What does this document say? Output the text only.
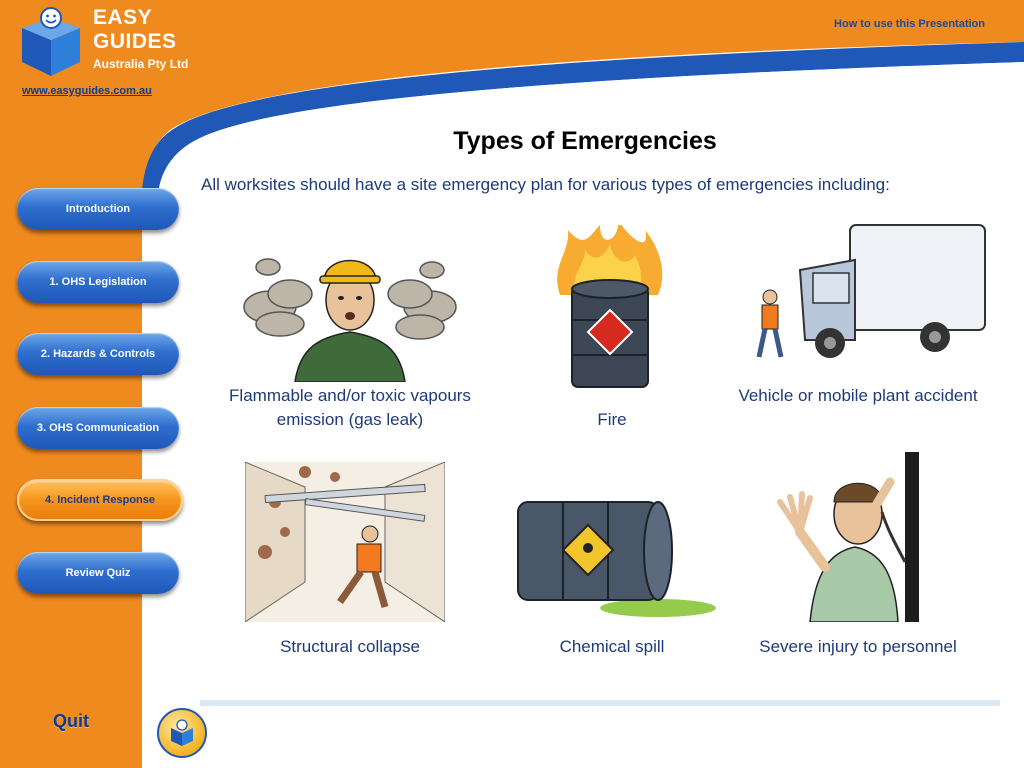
EASY
GUIDES
Australia Pty Ltd
www.easyguides.com.au
How to use this Presentation
Introduction
1. OHS Legislation
2. Hazards & Controls
3. OHS Communication
4. Incident Response
Review Quiz
Quit
Types of Emergencies
All worksites should have a site emergency plan for various types of emergencies including:
Flammable and/or toxic vapours emission (gas leak)	Fire
Vehicle or mobile plant accident
Structural collapse	Chemical spill	Severe injury to personnel
